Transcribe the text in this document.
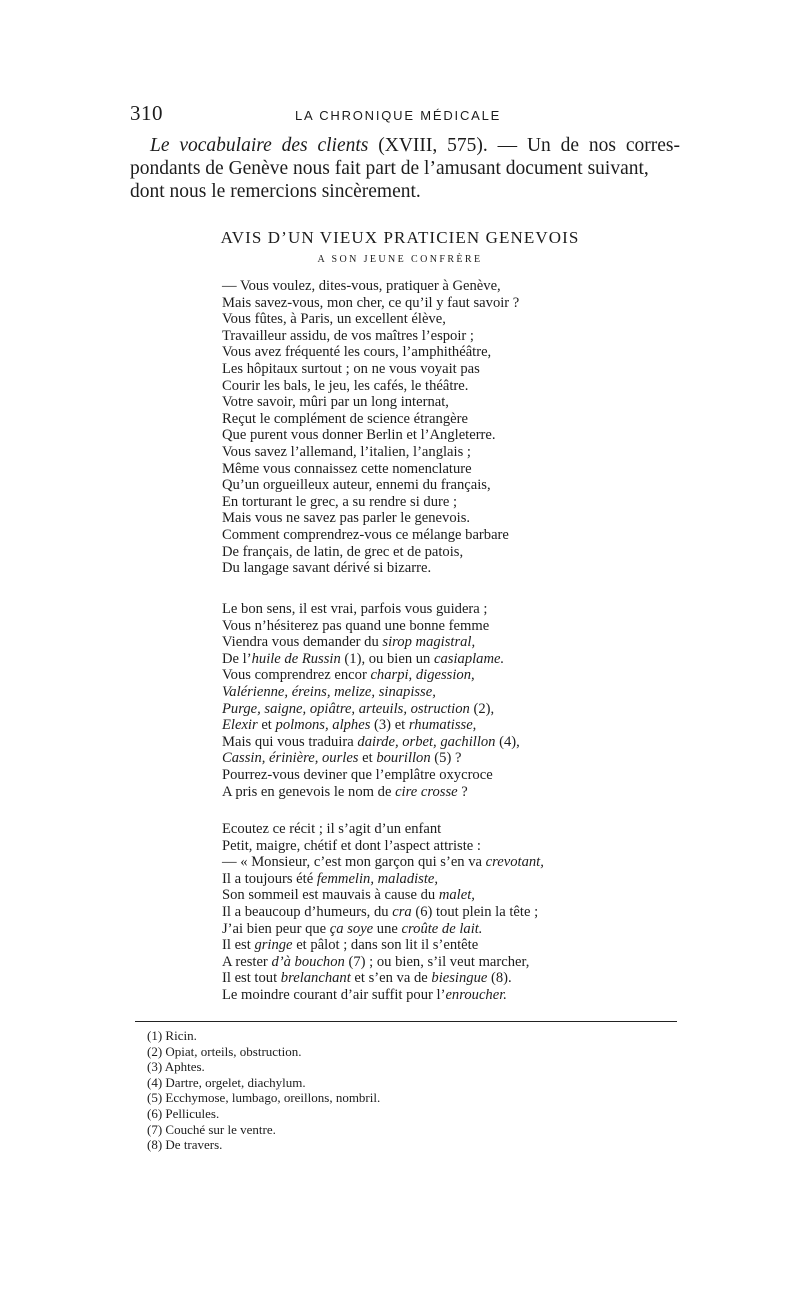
310	LA CHRONIQUE MÉDICALE

Le vocabulaire des clients (XVIII, 575). — Un de nos corres-

pondants de Genève nous fait part de l’amusant document suivant,

dont nous le remercions sincèrement.

AVIS D’UN VIEUX PRATICIEN GENEVOIS
A SON JEUNE CONFRÈRE
— Vous voulez, dites-vous, pratiquer à Genève,
Mais savez-vous, mon cher, ce qu’il y faut savoir ?
Vous fûtes, à Paris, un excellent élève,
Travailleur assidu, de vos maîtres l’espoir ;
Vous avez fréquenté les cours, l’amphithéâtre,
Les hôpitaux surtout ; on ne vous voyait pas
Courir les bals, le jeu, les cafés, le théâtre.
Votre savoir, mûri par un long internat,
Reçut le complément de science étrangère
Que purent vous donner Berlin et l’Angleterre.
Vous savez l’allemand, l’italien, l’anglais ;
Même vous connaissez cette nomenclature
Qu’un orgueilleux auteur, ennemi du français,
En torturant le grec, a su rendre si dure ;
Mais vous ne savez pas parler le genevois.
Comment comprendrez-vous ce mélange barbare
De français, de latin, de grec et de patois,
Du langage savant dérivé si bizarre.
Le bon sens, il est vrai, parfois vous guidera ;
Vous n’hésiterez pas quand une bonne femme
Viendra vous demander du sirop magistral,
De l’huile de Russin (1), ou bien un casiaplame.
Vous comprendrez encor charpi, digession,
Valérienne, éreins, melize, sinapisse,
Purge, saigne, opiâtre, arteuils, ostruction (2),
Elexir et polmons, alphes (3) et rhumatisse,
Mais qui vous traduira dairde, orbet, gachillon (4),
Cassin, érinière, ourles et bourillon (5) ?
Pourrez-vous deviner que l’emplâtre oxycroce
A pris en genevois le nom de cire crosse ?
Ecoutez ce récit ; il s’agit d’un enfant
Petit, maigre, chétif et dont l’aspect attriste :
— « Monsieur, c’est mon garçon qui s’en va crevotant,
Il a toujours été femmelin, maladiste,
Son sommeil est mauvais à cause du malet,
Il a beaucoup d’humeurs, du cra (6) tout plein la tête ;
J’ai bien peur que ça soye une croûte de lait.
Il est gringe et pâlot ; dans son lit il s’entête
A rester d’à bouchon (7) ; ou bien, s’il veut marcher,
Il est tout brelanchant et s’en va de biesingue (8).
Le moindre courant d’air suffit pour l’enroucher.
(1) Ricin.
(2) Opiat, orteils, obstruction.
(3) Aphtes.
(4) Dartre, orgelet, diachylum.
(5) Ecchymose, lumbago, oreillons, nombril.
(6) Pellicules.
(7) Couché sur le ventre.
(8) De travers.
